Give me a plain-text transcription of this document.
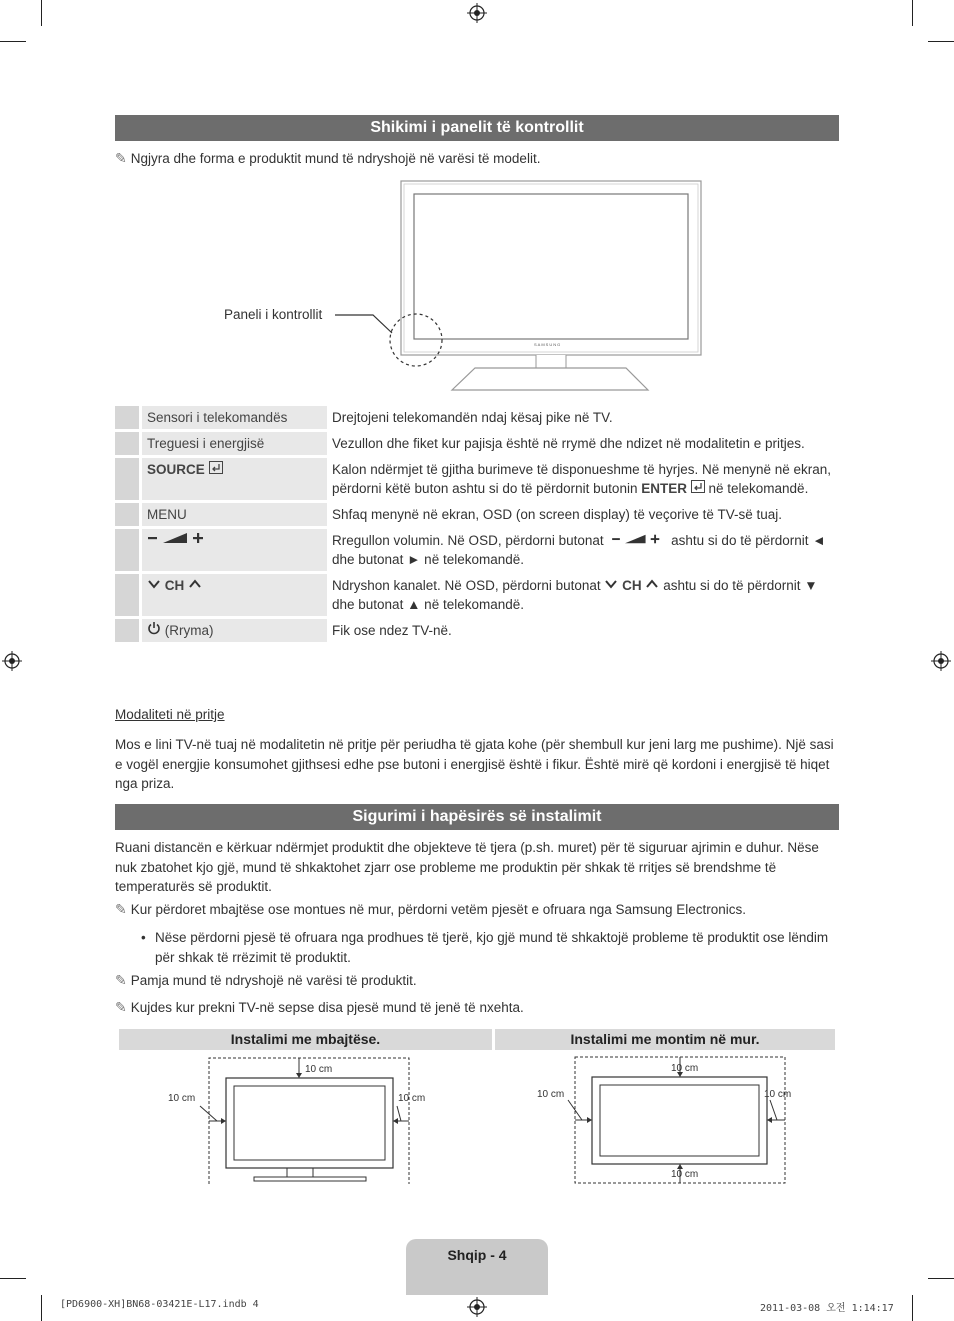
Shikimi i panelit të kontrollit
✎ Ngjyra dhe forma e produktit mund të ndryshojë në varësi të modelit.
Paneli i kontrollit
SAMSUNG
	Sensori i telekomandës	Drejtojeni telekomandën ndaj kësaj pike në TV.
	Treguesi i energjisë	Vezullon dhe fiket kur pajisja është në rrymë dhe ndizet në modalitetin e pritjes.
	SOURCE	Kalon ndërmjet të gjitha burimeve të disponueshme të hyrjes. Në menynë në ekran, përdorni këtë buton ashtu si do të përdornit butonin ENTER  në telekomandë.
	MENU	Shfaq menynë në ekran, OSD (on screen display) të veçorive të TV-së tuaj.
		Rregullon volumin. Në OSD, përdorni butonat ashtu si do të përdornit ◄ dhe butonat ► në telekomandë.
	CH	Ndryshon kanalet. Në OSD, përdorni butonat  CH  ashtu si do të përdornit ▼ dhe butonat ▲ në telekomandë.
	(Rryma)	Fik ose ndez TV-në.
Modaliteti në pritje
Mos e lini TV-në tuaj në modalitetin në pritje për periudha të gjata kohe (për shembull kur jeni larg me pushime). Një sasi e vogël energjie konsumohet gjithsesi edhe pse butoni i energjisë është i fikur. Është mirë që kordoni i energjisë të hiqet nga priza.
Sigurimi i hapësirës së instalimit
Ruani distancën e kërkuar ndërmjet produktit dhe objekteve të tjera (p.sh. muret) për të siguruar ajrimin e duhur. Nëse nuk zbatohet kjo gjë, mund të shkaktohet zjarr ose probleme me produktin për shkak të rritjes së brendshme të temperaturës së produktit.
✎ Kur përdoret mbajtëse ose montues në mur, përdorni vetëm pjesët e ofruara nga Samsung Electronics.
• Nëse përdorni pjesë të ofruara nga prodhues të tjerë, kjo gjë mund të shkaktojë probleme të produktit ose lëndim për shkak të rrëzimit të produktit.
✎ Pamja mund të ndryshojë në varësi të produktit.
✎ Kujdes kur prekni TV-në sepse disa pjesë mund të jenë të nxehta.
Instalimi me mbajtëse.	Instalimi me montim në mur.
10 cm
10 cm	10 cm
10 cm
10 cm	10 cm
10 cm
Shqip - 4
[PD6900-XH]BN68-03421E-L17.indb 4	2011-03-08 오전 1:14:17
